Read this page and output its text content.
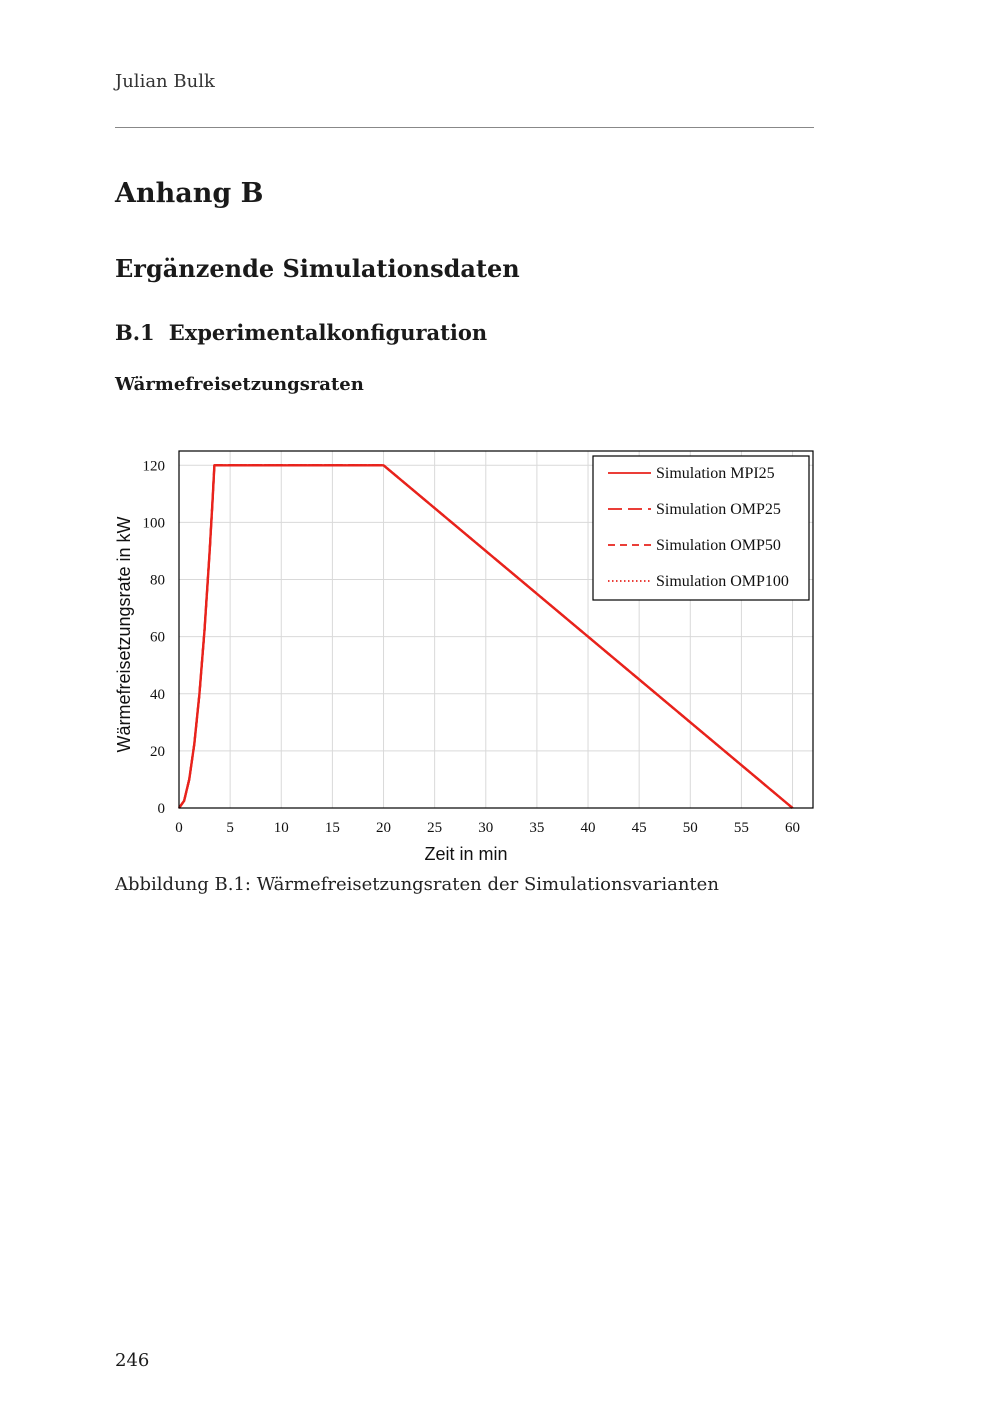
Julian Bulk
Anhang B
Ergänzende Simulationsdaten
B.1 Experimentalkonfiguration
Wärmefreisetzungsraten
0	5	10 15 20 25 30 35 40 45 50 55 60
0
20
40
60
80
100
120
Zeit in min
Wärmefreisetzungsrate in kW
Simulation MPI25
Simulation OMP25
Simulation OMP50
Simulation OMP100
Abbildung B.1: Wärmefreisetzungsraten der Simulationsvarianten
246
